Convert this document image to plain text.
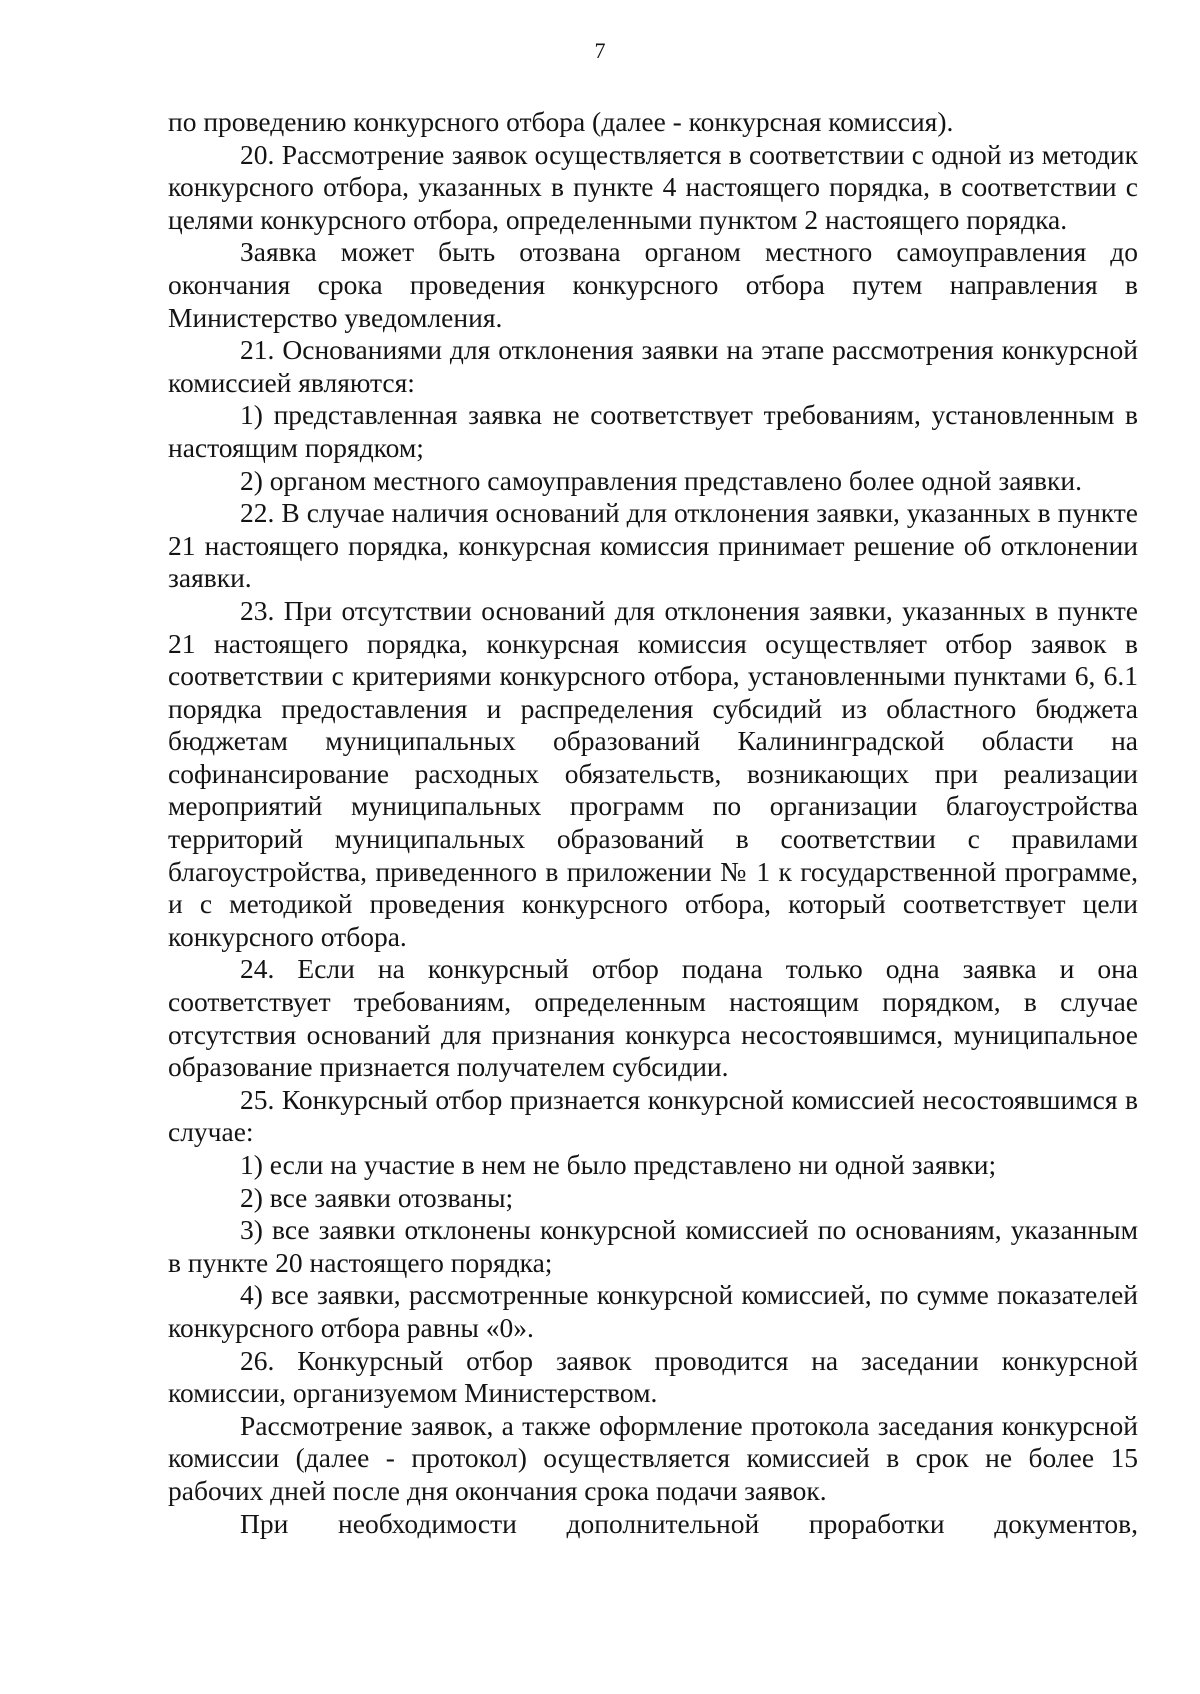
7

по проведению конкурсного отбора (далее - конкурсная комиссия).

20. Рассмотрение заявок осуществляется в соответствии с одной из методик конкурсного отбора, указанных в пункте 4 настоящего порядка, в соответствии с целями конкурсного отбора, определенными пунктом 2 настоящего порядка.

Заявка может быть отозвана органом местного самоуправления до окончания срока проведения конкурсного отбора путем направления в Министерство уведомления.

21. Основаниями для отклонения заявки на этапе рассмотрения конкурсной комиссией являются:

1) представленная заявка не соответствует требованиям, установленным в настоящим порядком;

2) органом местного самоуправления представлено более одной заявки.

22. В случае наличия оснований для отклонения заявки, указанных в пункте 21 настоящего порядка, конкурсная комиссия принимает решение об отклонении заявки.

23. При отсутствии оснований для отклонения заявки, указанных в пункте 21 настоящего порядка, конкурсная комиссия осуществляет отбор заявок в соответствии с критериями конкурсного отбора, установленными пунктами 6, 6.1 порядка предоставления и распределения субсидий из областного бюджета бюджетам муниципальных образований Калининградской области на софинансирование расходных обязательств, возникающих при реализации мероприятий муниципальных программ по организации благоустройства территорий муниципальных образований в соответствии с правилами благоустройства, приведенного в приложении № 1 к государственной программе, и с методикой проведения конкурсного отбора, который соответствует цели конкурсного отбора.

24. Если на конкурсный отбор подана только одна заявка и она соответствует требованиям, определенным настоящим порядком, в случае отсутствия оснований для признания конкурса несостоявшимся, муниципальное образование признается получателем субсидии.

25. Конкурсный отбор признается конкурсной комиссией несостоявшимся в случае:

1) если на участие в нем не было представлено ни одной заявки;

2) все заявки отозваны;

3) все заявки отклонены конкурсной комиссией по основаниям, указанным в пункте 20 настоящего порядка;

4) все заявки, рассмотренные конкурсной комиссией, по сумме показателей конкурсного отбора равны «0».

26. Конкурсный отбор заявок проводится на заседании конкурсной комиссии, организуемом Министерством.

Рассмотрение заявок, а также оформление протокола заседания конкурсной комиссии (далее - протокол) осуществляется комиссией в срок не более 15 рабочих дней после дня окончания срока подачи заявок.

При необходимости дополнительной проработки документов,
